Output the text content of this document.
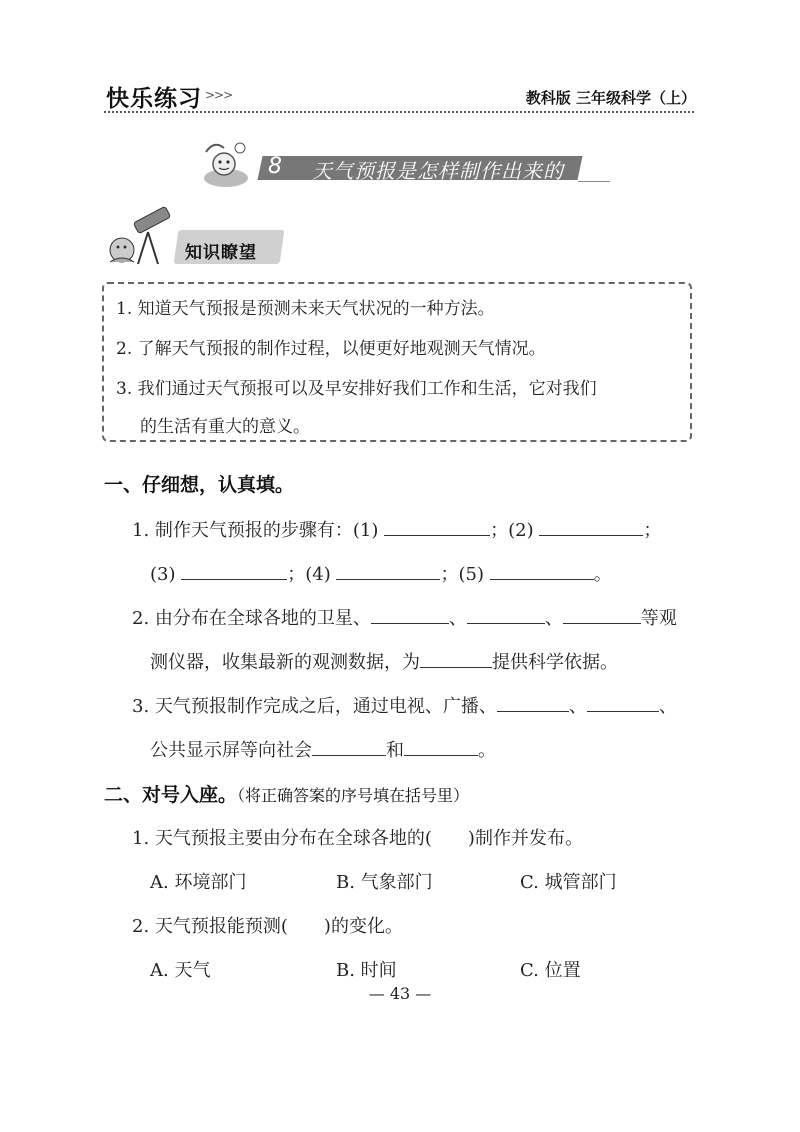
快乐练习 >>>	教科版 三年级科学（上）
8 天气预报是怎样制作出来的
知识瞭望
1. 知道天气预报是预测未来天气状况的一种方法。
2. 了解天气预报的制作过程，以便更好地观测天气情况。
3. 我们通过天气预报可以及早安排好我们工作和生活，它对我们
的生活有重大的意义。
一、仔细想，认真填。
1. 制作天气预报的步骤有：(1)	；(2)	；
(3)	；(4)	；(5)	。
2. 由分布在全球各地的卫星、	、	、	等观
测仪器，收集最新的观测数据，为	提供科学依据。
3. 天气预报制作完成之后，通过电视、广播、	、	、
公共显示屏等向社会	和	。
二、对号入座。（将正确答案的序号填在括号里）
1. 天气预报主要由分布在全球各地的(　　)制作并发布。
A. 环境部门	B. 气象部门	C. 城管部门
2. 天气预报能预测(　　)的变化。
A. 天气	B. 时间	C. 位置
— 43 —
